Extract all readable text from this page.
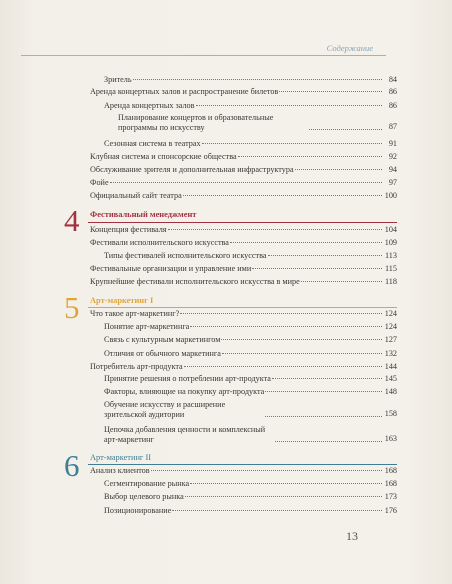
Содержание
Зритель	84
Аренда концертных залов и распространение билетов	86
Аренда концертных залов	86
Планирование концертов и образовательные программы по искусству	87
Сезонная система в театрах	91
Клубная система и спонсорские общества	92
Обслуживание зрителя и дополнительная инфраструктура	94
Фойе	97
Официальный сайт театра	100
4 Фестивальный менеджмент
Концепция фестиваля	104
Фестивали исполнительского искусства	109
Типы фестивалей исполнительского искусства	113
Фестивальные организации и управление ими	115
Крупнейшие фестивали исполнительского искусства в мире	118
5 Арт-маркетинг I
Что такое арт-маркетинг?	124
Понятие арт-маркетинга	124
Связь с культурным маркетингом	127
Отличия от обычного маркетинга	132
Потребитель арт-продукта	144
Принятие решения о потреблении арт-продукта	145
Факторы, влияющие на покупку арт-продукта	148
Обучение искусству и расширение зрительской аудитории	158
Цепочка добавления ценности и комплексный арт-маркетинг	163
6 Арт-маркетинг II
Анализ клиентов	168
Сегментирование рынка	168
Выбор целевого рынка	173
Позиционирование	176
13
